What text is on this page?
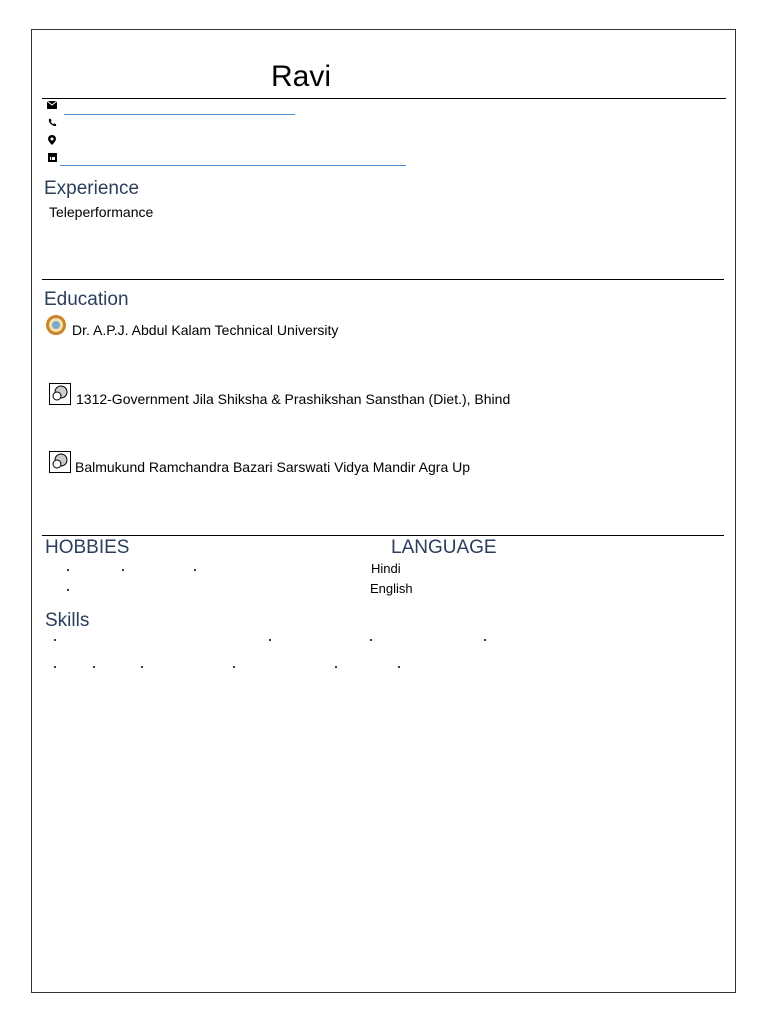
Ravi
Experience
Teleperformance
Education
Dr. A.P.J. Abdul Kalam Technical University
1312-Government Jila Shiksha & Prashikshan Sansthan (Diet.), Bhind
Balmukund Ramchandra Bazari Sarswati Vidya Mandir Agra Up
HOBBIES	LANGUAGE
Hindi
English
Skills
